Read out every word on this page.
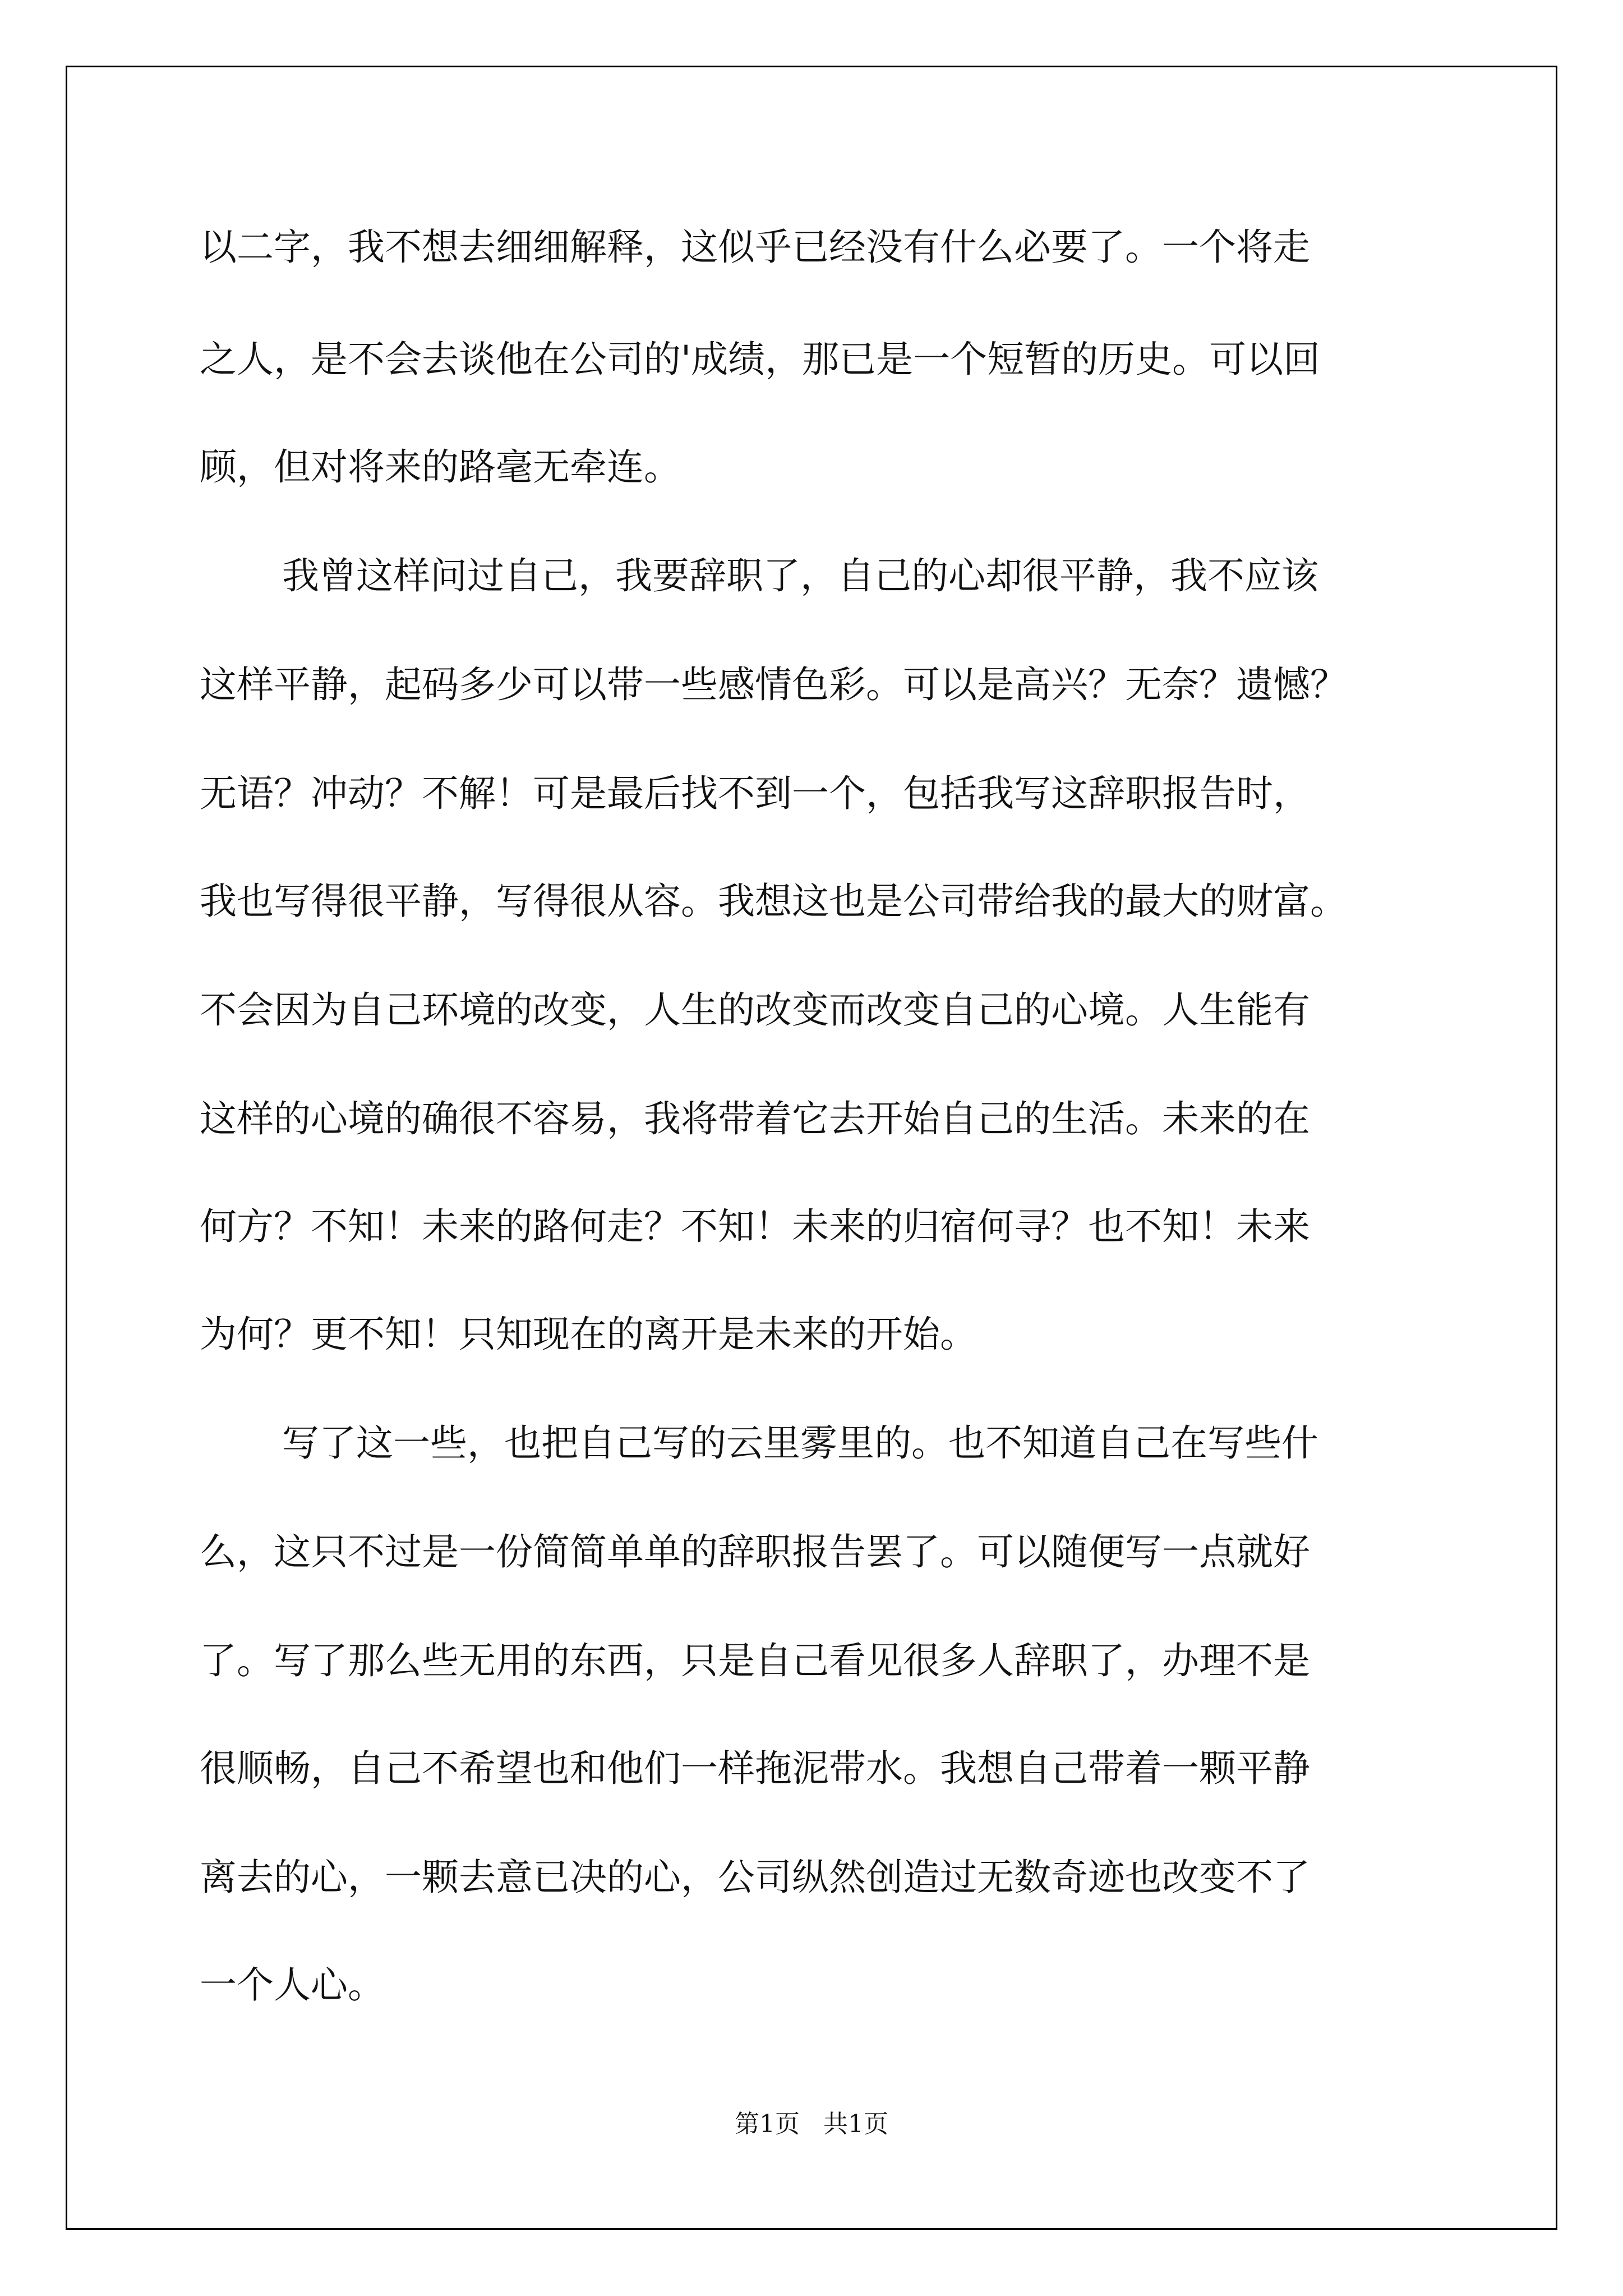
以二字，我不想去细细解释，这似乎已经没有什么必要了。一个将走
之人，是不会去谈他在公司的'成绩，那已是一个短暂的历史。可以回
顾，但对将来的路毫无牵连。
我曾这样问过自己，我要辞职了，自己的心却很平静，我不应该
这样平静，起码多少可以带一些感情色彩。可以是高兴？无奈？遗憾？
无语？冲动？不解！可是最后找不到一个，包括我写这辞职报告时，
我也写得很平静，写得很从容。我想这也是公司带给我的最大的财富。
不会因为自己环境的改变，人生的改变而改变自己的心境。人生能有
这样的心境的确很不容易，我将带着它去开始自己的生活。未来的在
何方？不知！未来的路何走？不知！未来的归宿何寻？也不知！未来
为何？更不知！只知现在的离开是未来的开始。
写了这一些，也把自己写的云里雾里的。也不知道自己在写些什
么，这只不过是一份简简单单的辞职报告罢了。可以随便写一点就好
了。写了那么些无用的东西，只是自己看见很多人辞职了，办理不是
很顺畅，自己不希望也和他们一样拖泥带水。我想自己带着一颗平静
离去的心，一颗去意已决的心，公司纵然创造过无数奇迹也改变不了
一个人心。
第1页   共1页
